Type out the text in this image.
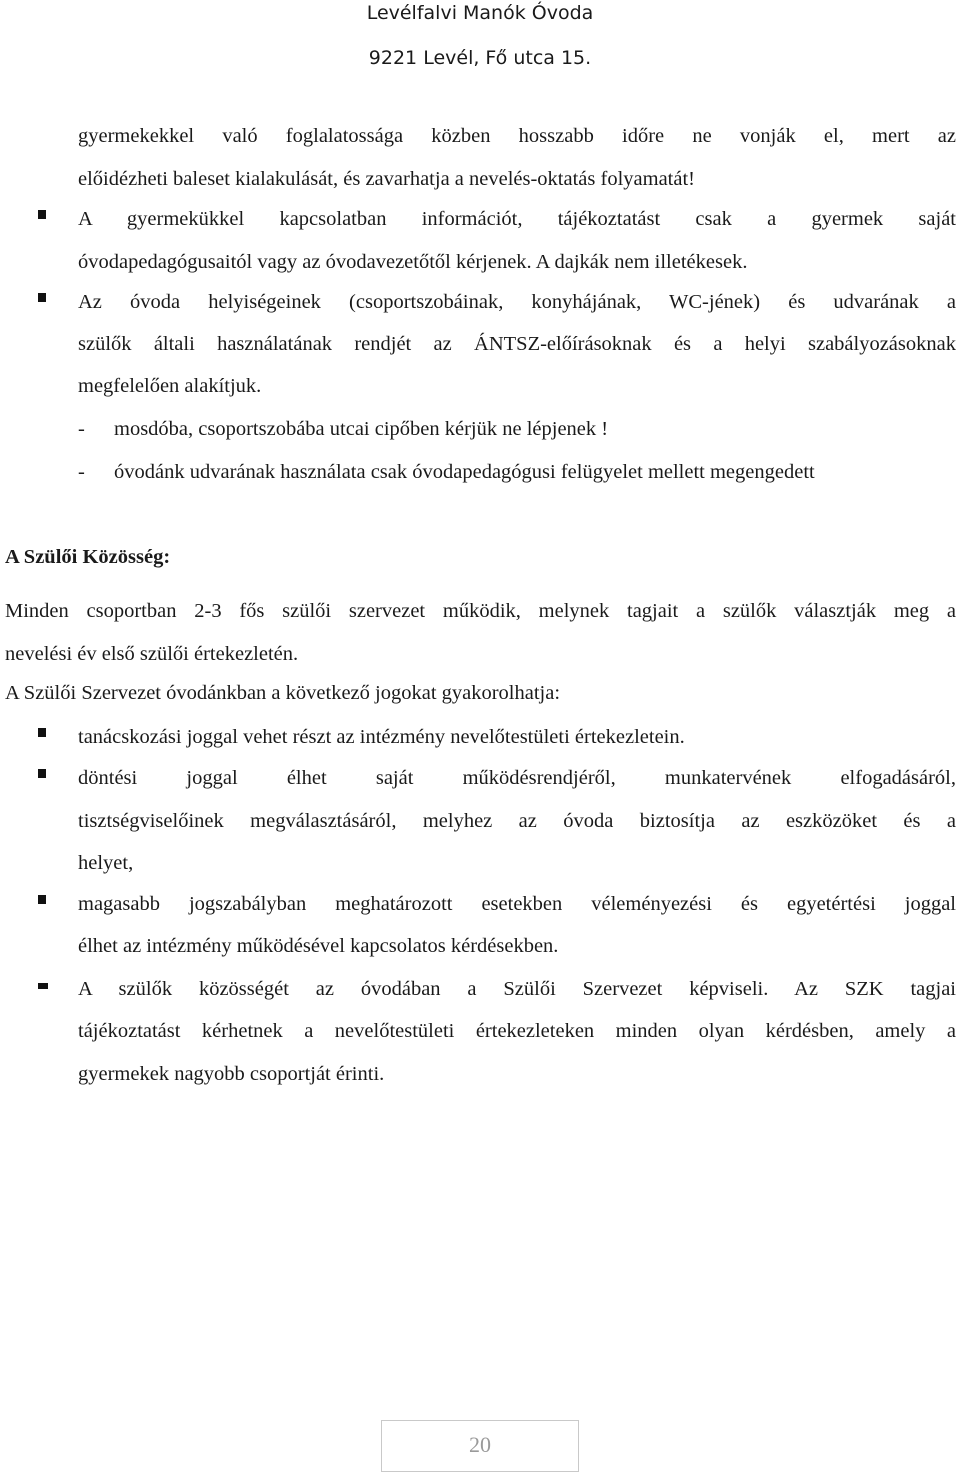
Levélfalvi Manók Óvoda
9221 Levél, Fő utca 15.
gyermekekkel való foglalatossága közben hosszabb időre ne vonják el, mert az
előidézheti baleset kialakulását, és zavarhatja a nevelés-oktatás folyamatát!
A gyermekükkel kapcsolatban információt, tájékoztatást csak a gyermek saját
óvodapedagógusaitól vagy az óvodavezetőtől kérjenek. A dajkák nem illetékesek.
Az óvoda helyiségeinek (csoportszobáinak, konyhájának, WC-jének) és udvarának a
szülők általi használatának rendjét az ÁNTSZ-előírásoknak és a helyi szabályozásoknak
megfelelően alakítjuk.
- mosdóba, csoportszobába utcai cipőben kérjük ne lépjenek !
- óvodánk udvarának használata csak óvodapedagógusi felügyelet mellett megengedett
A Szülői Közösség:
Minden csoportban 2-3 fős szülői szervezet működik, melynek tagjait a szülők választják meg a
nevelési év első szülői értekezletén.
A Szülői Szervezet óvodánkban a következő jogokat gyakorolhatja:
tanácskozási joggal vehet részt az intézmény nevelőtestületi értekezletein.
döntési joggal élhet saját működésrendjéről, munkatervének elfogadásáról,
tisztségviselőinek megválasztásáról, melyhez az óvoda biztosítja az eszközöket és a
helyet,
magasabb jogszabályban meghatározott esetekben véleményezési és egyetértési joggal
élhet az intézmény működésével kapcsolatos kérdésekben.
A szülők közösségét az óvodában a Szülői Szervezet képviseli. Az SZK tagjai
tájékoztatást kérhetnek a nevelőtestületi értekezleteken minden olyan kérdésben, amely a
gyermekek nagyobb csoportját érinti.
20
